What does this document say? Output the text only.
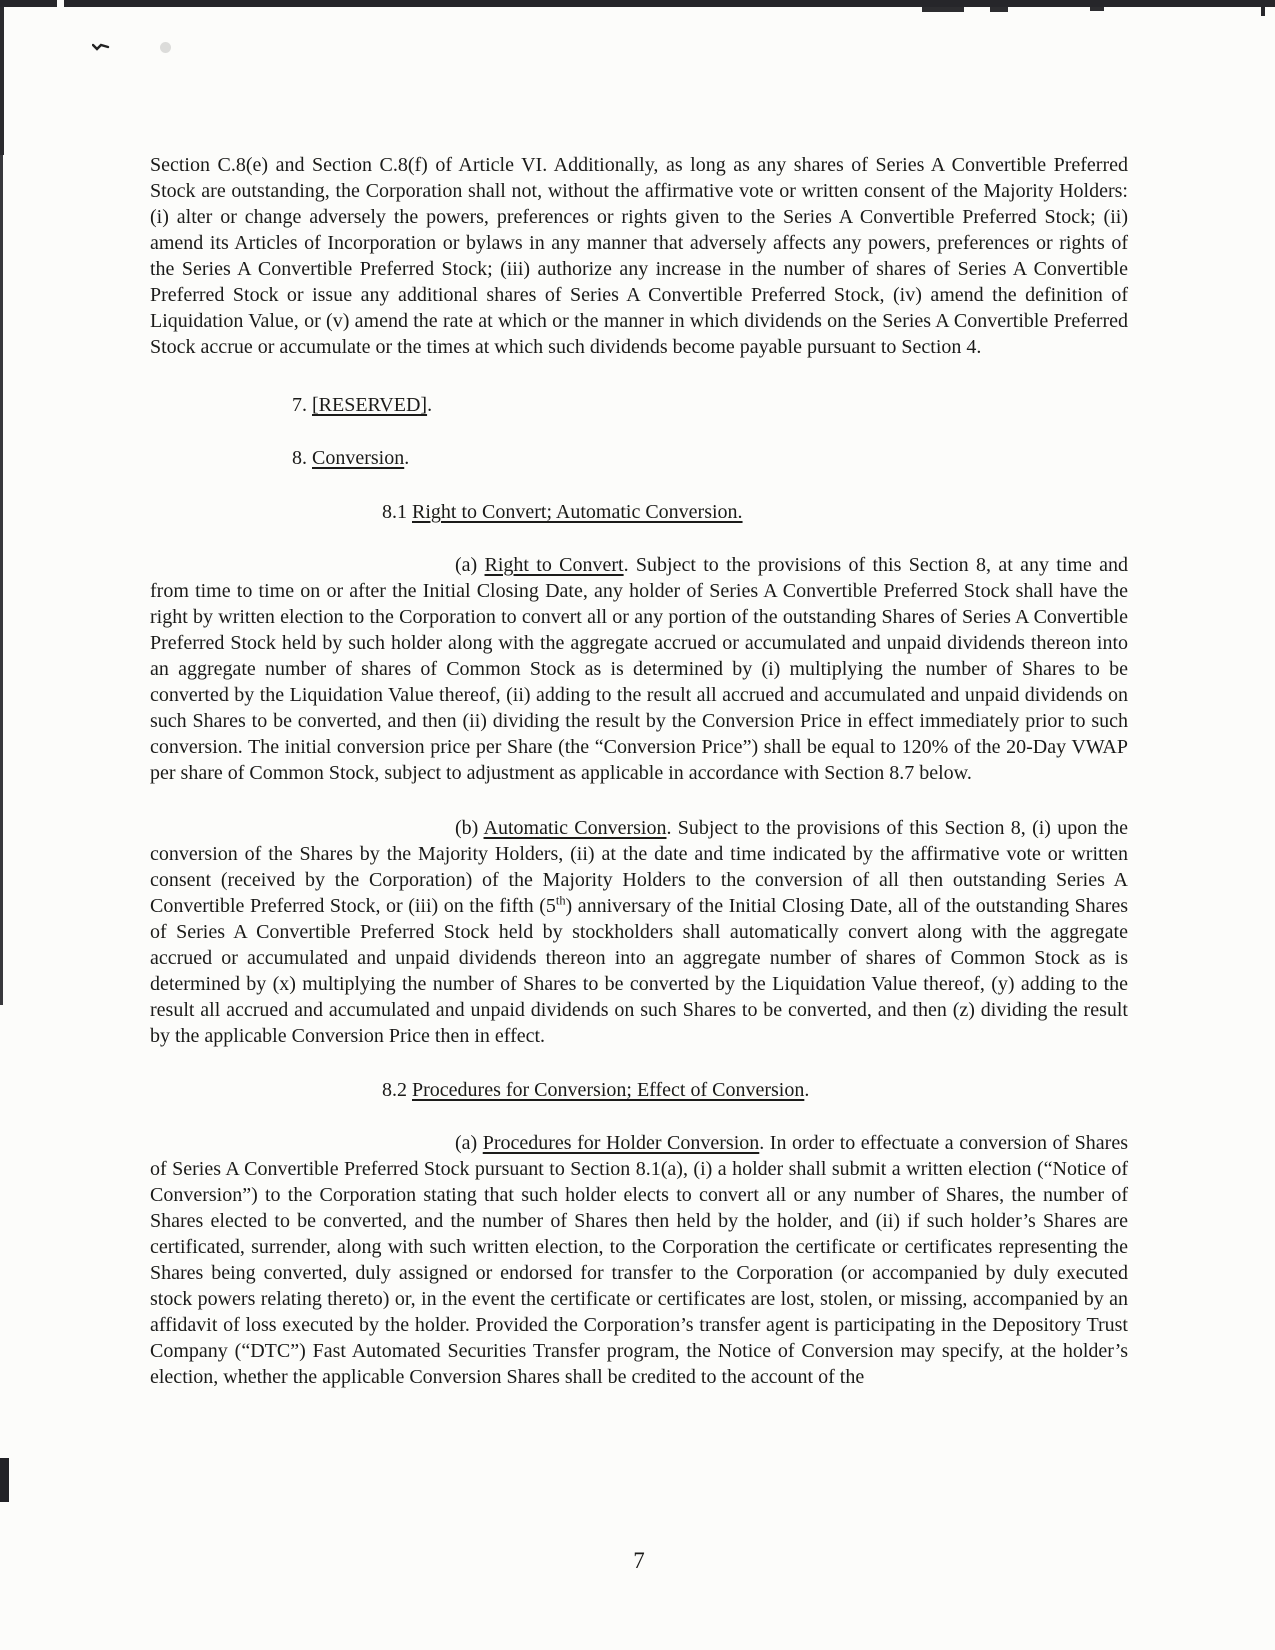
Section C.8(e) and Section C.8(f) of Article VI. Additionally, as long as any shares of Series A Convertible Preferred Stock are outstanding, the Corporation shall not, without the affirmative vote or written consent of the Majority Holders: (i) alter or change adversely the powers, preferences or rights given to the Series A Convertible Preferred Stock; (ii) amend its Articles of Incorporation or bylaws in any manner that adversely affects any powers, preferences or rights of the Series A Convertible Preferred Stock; (iii) authorize any increase in the number of shares of Series A Convertible Preferred Stock or issue any additional shares of Series A Convertible Preferred Stock, (iv) amend the definition of Liquidation Value, or (v) amend the rate at which or the manner in which dividends on the Series A Convertible Preferred Stock accrue or accumulate or the times at which such dividends become payable pursuant to Section 4.

7. [RESERVED].

8. Conversion.

8.1 Right to Convert; Automatic Conversion.

(a) Right to Convert. Subject to the provisions of this Section 8, at any time and from time to time on or after the Initial Closing Date, any holder of Series A Convertible Preferred Stock shall have the right by written election to the Corporation to convert all or any portion of the outstanding Shares of Series A Convertible Preferred Stock held by such holder along with the aggregate accrued or accumulated and unpaid dividends thereon into an aggregate number of shares of Common Stock as is determined by (i) multiplying the number of Shares to be converted by the Liquidation Value thereof, (ii) adding to the result all accrued and accumulated and unpaid dividends on such Shares to be converted, and then (ii) dividing the result by the Conversion Price in effect immediately prior to such conversion. The initial conversion price per Share (the “Conversion Price”) shall be equal to 120% of the 20-Day VWAP per share of Common Stock, subject to adjustment as applicable in accordance with Section 8.7 below.

(b) Automatic Conversion. Subject to the provisions of this Section 8, (i) upon the conversion of the Shares by the Majority Holders, (ii) at the date and time indicated by the affirmative vote or written consent (received by the Corporation) of the Majority Holders to the conversion of all then outstanding Series A Convertible Preferred Stock, or (iii) on the fifth (5th) anniversary of the Initial Closing Date, all of the outstanding Shares of Series A Convertible Preferred Stock held by stockholders shall automatically convert along with the aggregate accrued or accumulated and unpaid dividends thereon into an aggregate number of shares of Common Stock as is determined by (x) multiplying the number of Shares to be converted by the Liquidation Value thereof, (y) adding to the result all accrued and accumulated and unpaid dividends on such Shares to be converted, and then (z) dividing the result by the applicable Conversion Price then in effect.

8.2 Procedures for Conversion; Effect of Conversion.

(a) Procedures for Holder Conversion. In order to effectuate a conversion of Shares of Series A Convertible Preferred Stock pursuant to Section 8.1(a), (i) a holder shall submit a written election (“Notice of Conversion”) to the Corporation stating that such holder elects to convert all or any number of Shares, the number of Shares elected to be converted, and the number of Shares then held by the holder, and (ii) if such holder’s Shares are certificated, surrender, along with such written election, to the Corporation the certificate or certificates representing the Shares being converted, duly assigned or endorsed for transfer to the Corporation (or accompanied by duly executed stock powers relating thereto) or, in the event the certificate or certificates are lost, stolen, or missing, accompanied by an affidavit of loss executed by the holder. Provided the Corporation’s transfer agent is participating in the Depository Trust Company (“DTC”) Fast Automated Securities Transfer program, the Notice of Conversion may specify, at the holder’s election, whether the applicable Conversion Shares shall be credited to the account of the

7
